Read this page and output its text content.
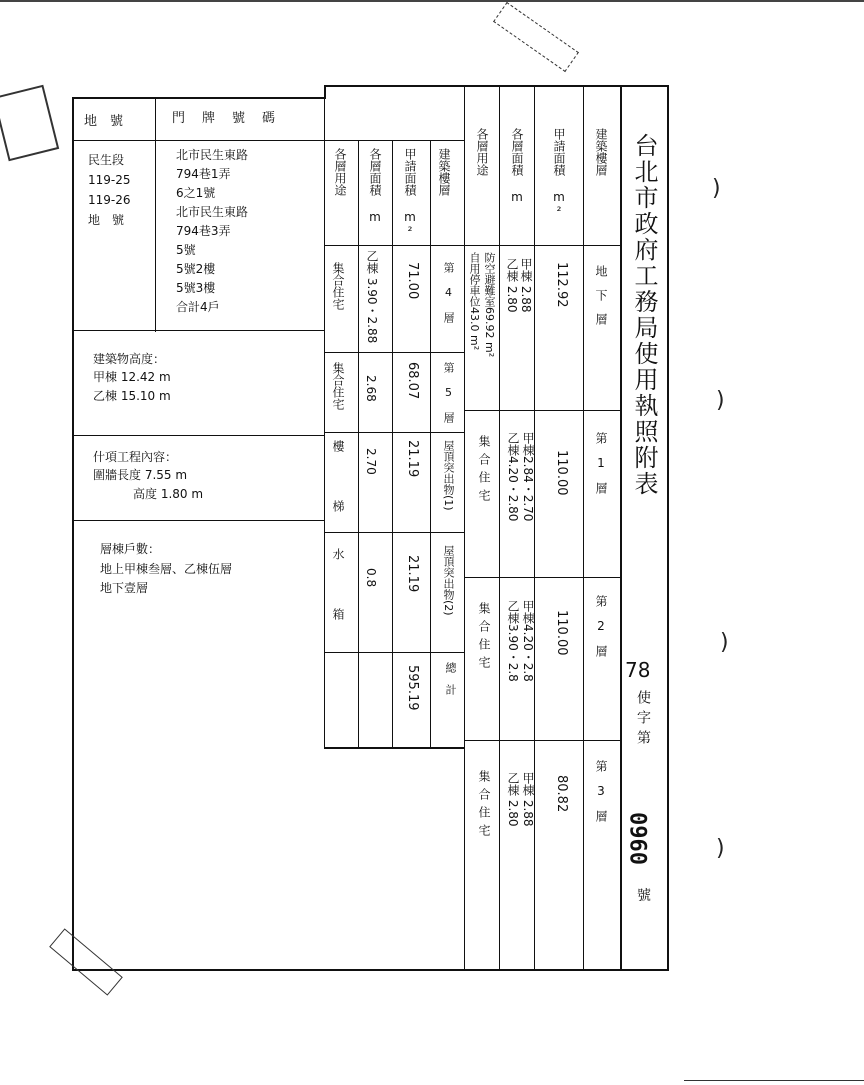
台北市政府工務局使用執照附表
78
使字第
0960
號
地　號	門　牌　號　碼
民生段
119-25
119-26
地　號
北市民生東路
794巷1弄
6之1號
北市民生東路
794巷3弄
5號
5號2樓
5號3樓
合計4戶
建築物高度：
甲棟 12.42 m
乙棟 15.10 m
什項工程內容：
圍牆長度 7.55 m
高度 1.80 m
層棟戶數：
地上甲棟叁層、乙棟伍層
地下壹層
建築樓層
甲請面積 m²
各層面積 m
各層用途
第 4 層
71.00
乙棟 3.90・2.88
集合住宅
第 5 層
68.07
2.68
集合住宅
屋頂突出物(1)
21.19
2.70
樓　梯
屋頂突出物(2)
21.19
0.8
水　箱
總　計
595.19
建築樓層
甲請面積 m²
各層面積 m
各層用途
地　下　層
112.92
甲棟 2.88
乙棟 2.80
防空避難室69.92 m²
自用停車位43.0 m²
第　1　層
110.00
甲棟2.84・2.70
乙棟4.20・2.80
集合住宅
第　2　層
110.00
甲棟4.20・2.8
乙棟3.90・2.8
集合住宅
第　3　層
80.82
甲棟 2.88
乙棟 2.80
集合住宅
)
)
)
)
